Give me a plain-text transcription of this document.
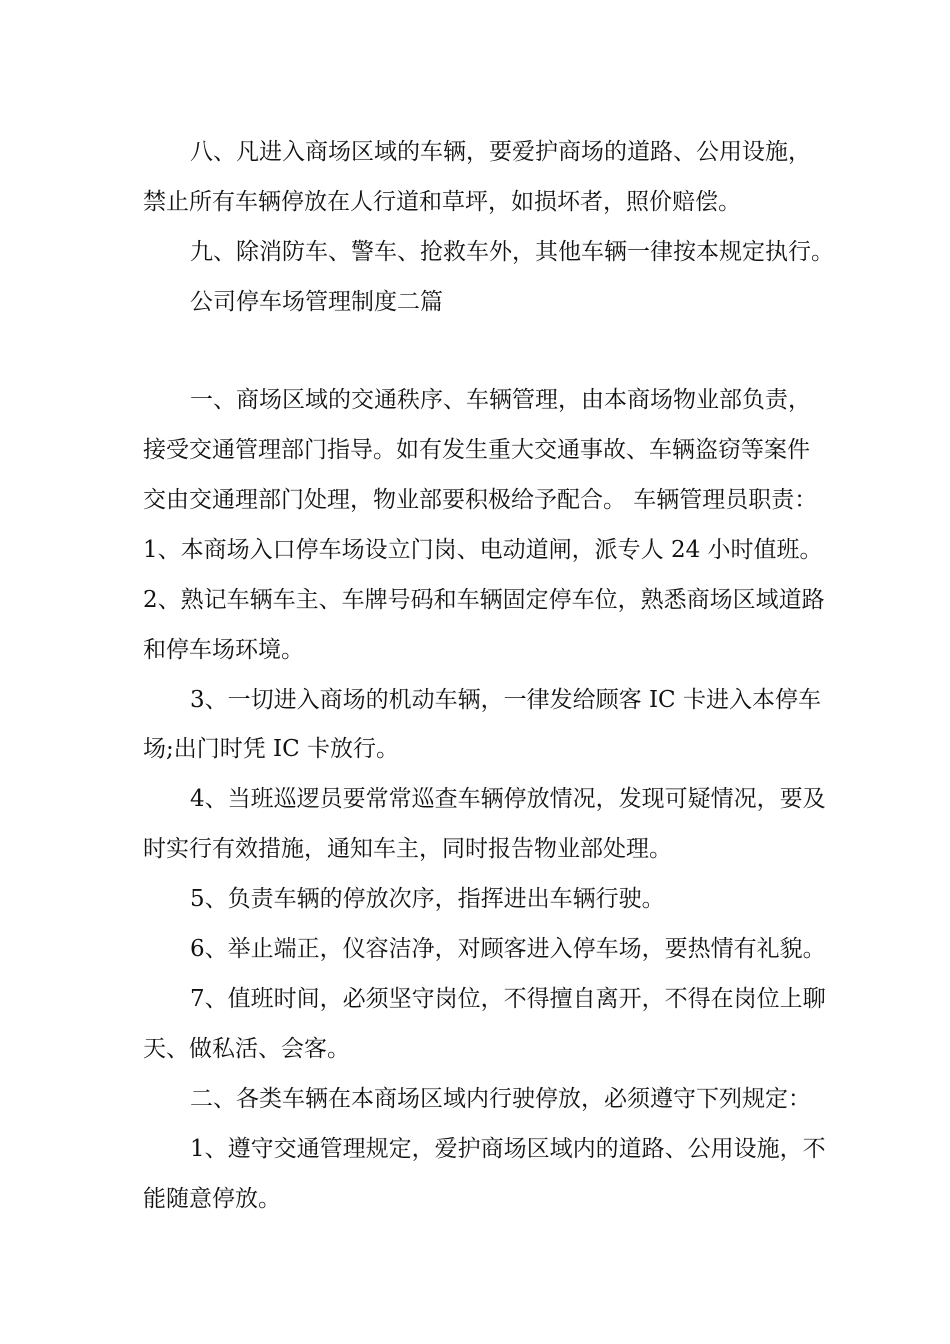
八、凡进入商场区域的车辆，要爱护商场的道路、公用设施，
禁止所有车辆停放在人行道和草坪，如损坏者，照价赔偿。
九、除消防车、警车、抢救车外，其他车辆一律按本规定执行。
公司停车场管理制度二篇
一、商场区域的交通秩序、车辆管理，由本商场物业部负责，
接受交通管理部门指导。如有发生重大交通事故、车辆盗窃等案件
交由交通理部门处理，物业部要积极给予配合。 车辆管理员职责：
1、本商场入口停车场设立门岗、电动道闸，派专人 24 小时值班。
2、熟记车辆车主、车牌号码和车辆固定停车位，熟悉商场区域道路
和停车场环境。
3、一切进入商场的机动车辆，一律发给顾客 IC 卡进入本停车
场;出门时凭 IC 卡放行。
4、当班巡逻员要常常巡查车辆停放情况，发现可疑情况，要及
时实行有效措施，通知车主，同时报告物业部处理。
5、负责车辆的停放次序，指挥进出车辆行驶。
6、举止端正，仪容洁净，对顾客进入停车场，要热情有礼貌。
7、值班时间，必须坚守岗位，不得擅自离开，不得在岗位上聊
天、做私活、会客。
二、各类车辆在本商场区域内行驶停放，必须遵守下列规定：
1、遵守交通管理规定，爱护商场区域内的道路、公用设施，不
能随意停放。
